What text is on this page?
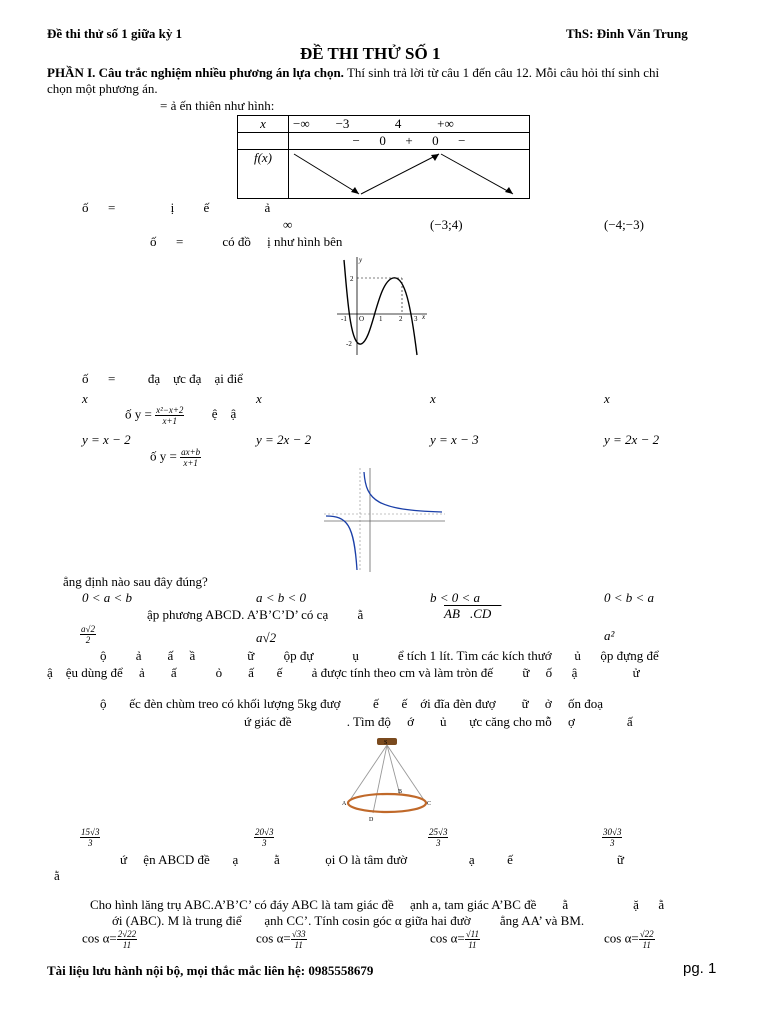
Đề thi thử số 1 giữa kỳ 1	ThS: Đinh Văn Trung
ĐỀ THI THỬ SỐ 1
PHẦN I. Câu trắc nghiệm nhiều phương án lựa chọn. Thí sinh trả lời từ câu 1 đến câu 12. Mỗi câu hỏi thí sinh chỉ
chọn một phương án.
= ả ến thiên như hình:
x	−∞        −3              4           +∞
	−      0      +      0      −
f(x)	
ố      =                 ị         ế                 ả
∞	(−3;4)	(−4;−3)
ố      =            có đồ     ị như hình bên
y
x
2
-1 O 1 2 3
-2
ố      =          đạ    ực đạ    ại điể
x	x	x	x
ố $y = \frac{\text{x²−x+2}}{x+1}$ ệ    ậ
y = x − 2	y = 2x − 2	y = x − 3	y = 2x − 2
ố $y = \frac{ax+b}{x+1}$
ẳng định nào sau đây đúng?
0 < a < b	a < b < 0	b < 0 < a	0 < b < a
ập phương ABCD. A’B’C’D’ có cạ         ằ	AB⃗.CD⃗
$\frac{a√2}{2}$	a√2	a²
ộ         ả        ấ     ầ                ữ         ộp đự            ụ            ể tích 1 lít. Tìm các kích thướ       ủ      ộp đựng để
ậ    ệu dùng để     ả        ấ            ỏ        ấ       ế         ả được tính theo cm và làm tròn đế         ữ     ố      ậ                 ử
ộ       ếc đèn chùm treo có khối lượng 5kg đượ          ế       ế    ới đĩa đèn đượ        ữ     ở     ốn đoạ
ứ giác đề                 . Tìm độ     ớ        ủ       ực căng cho mỗ     ợ                ấ
S
A
B
C
D
$\frac{15√3}{3}$	$\frac{20√3}{3}$	$\frac{25√3}{3}$	$\frac{30√3}{3}$
ứ     ện ABCD đề       ạ           ằ              ọi O là tâm đườ                   ạ          ế                                ữ
ằ
Cho hình lăng trụ ABC.A’B’C’ có đáy ABC là tam giác đề     ạnh a, tam giác A’BC đề        ằ                    ặ      ằ
ới (ABC). M là trung điể       ạnh CC’. Tính cosin góc α giữa hai đườ         ẳng AA’ và BM.
$\cos \alpha= \frac{2√22}{11}$	$\cos \alpha= \frac{√33}{11}$	$\cos \alpha= \frac{√11}{11}$	$\cos \alpha= \frac{√22}{11}$
Tài liệu lưu hành nội bộ, mọi thắc mắc liên hệ: 0985558679	pg. 1
